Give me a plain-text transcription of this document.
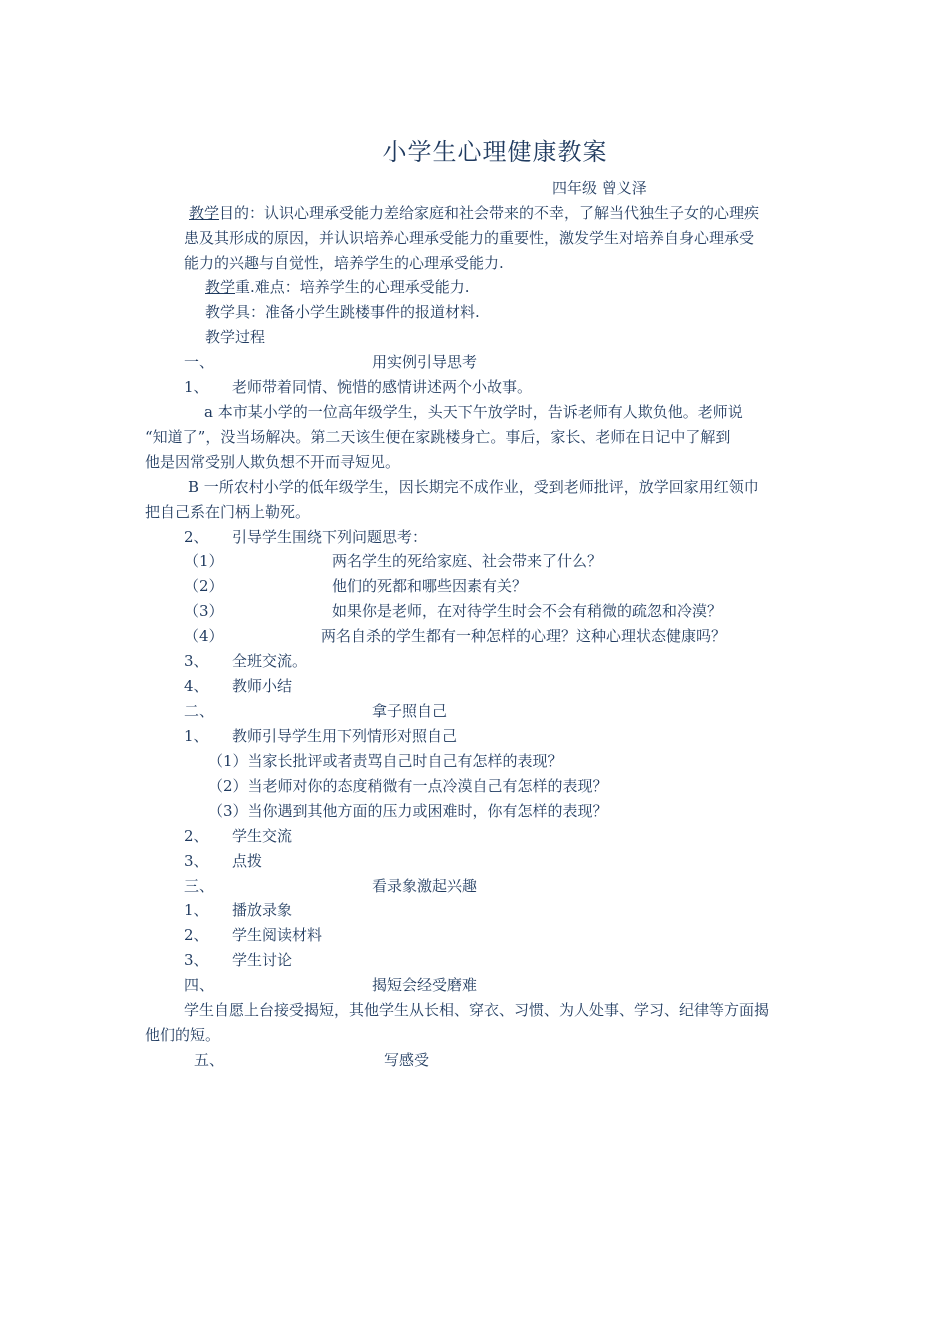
小学生心理健康教案
四年级 曾义泽
教学目的：认识心理承受能力差给家庭和社会带来的不幸，了解当代独生子女的心理疾
患及其形成的原因，并认识培养心理承受能力的重要性，激发学生对培养自身心理承受
能力的兴趣与自觉性，培养学生的心理承受能力.
教学重.难点：培养学生的心理承受能力.
教学具：准备小学生跳楼事件的报道材料.
教学过程
一、	用实例引导思考
1、 老师带着同情、惋惜的感情讲述两个小故事。
a 本市某小学的一位高年级学生，头天下午放学时，告诉老师有人欺负他。老师说
“知道了”，没当场解决。第二天该生便在家跳楼身亡。事后，家长、老师在日记中了解到
他是因常受别人欺负想不开而寻短见。
B 一所农村小学的低年级学生，因长期完不成作业，受到老师批评，放学回家用红领巾
把自己系在门柄上勒死。
2、 引导学生围绕下列问题思考：
（1）	两名学生的死给家庭、社会带来了什么？
（2）	他们的死都和哪些因素有关？
（3）	如果你是老师，在对待学生时会不会有稍微的疏忽和冷漠？
（4）	两名自杀的学生都有一种怎样的心理？这种心理状态健康吗？
3、 全班交流。
4、 教师小结
二、	拿子照自己
1、 教师引导学生用下列情形对照自己
（1）当家长批评或者责骂自己时自己有怎样的表现？
（2）当老师对你的态度稍微有一点冷漠自己有怎样的表现？
（3）当你遇到其他方面的压力或困难时，你有怎样的表现？
2、 学生交流
3、 点拨
三、	看录象激起兴趣
1、 播放录象
2、 学生阅读材料
3、 学生讨论
四、	揭短会经受磨难
学生自愿上台接受揭短，其他学生从长相、穿衣、习惯、为人处事、学习、纪律等方面揭
他们的短。
五、	写感受
